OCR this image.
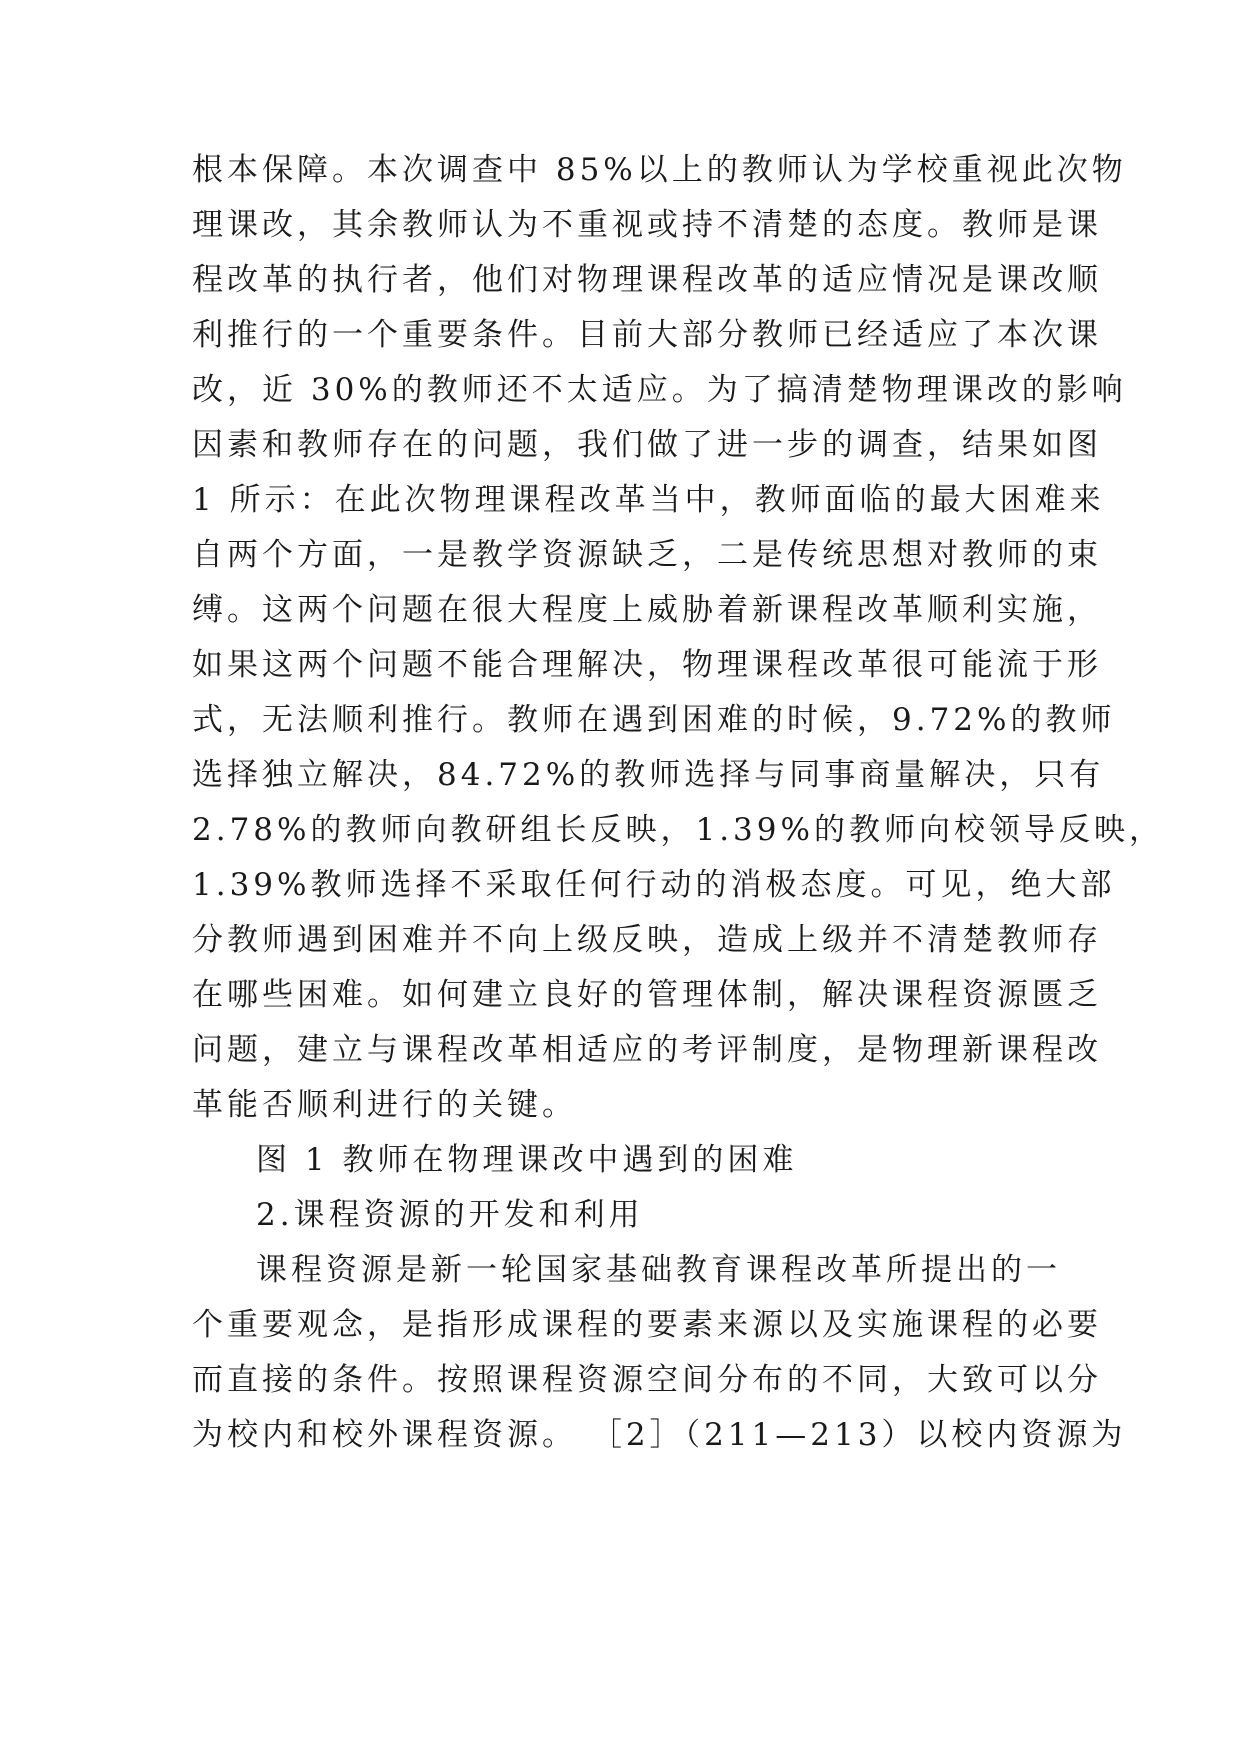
根本保障。本次调查中 85%以上的教师认为学校重视此次物

理课改，其余教师认为不重视或持不清楚的态度。教师是课

程改革的执行者，他们对物理课程改革的适应情况是课改顺

利推行的一个重要条件。目前大部分教师已经适应了本次课

改，近 30%的教师还不太适应。为了搞清楚物理课改的影响

因素和教师存在的问题，我们做了进一步的调查，结果如图

1 所示：在此次物理课程改革当中，教师面临的最大困难来

自两个方面，一是教学资源缺乏，二是传统思想对教师的束

缚。这两个问题在很大程度上威胁着新课程改革顺利实施，

如果这两个问题不能合理解决，物理课程改革很可能流于形

式，无法顺利推行。教师在遇到困难的时候，9.72%的教师

选择独立解决，84.72%的教师选择与同事商量解决，只有

2.78%的教师向教研组长反映，1.39%的教师向校领导反映，

1.39%教师选择不采取任何行动的消极态度。可见，绝大部

分教师遇到困难并不向上级反映，造成上级并不清楚教师存

在哪些困难。如何建立良好的管理体制，解决课程资源匮乏

问题，建立与课程改革相适应的考评制度，是物理新课程改

革能否顺利进行的关键。

图 1 教师在物理课改中遇到的困难

2.课程资源的开发和利用

课程资源是新一轮国家基础教育课程改革所提出的一

个重要观念，是指形成课程的要素来源以及实施课程的必要

而直接的条件。按照课程资源空间分布的不同，大致可以分

为校内和校外课程资源。 ［2］（211—213）以校内资源为
